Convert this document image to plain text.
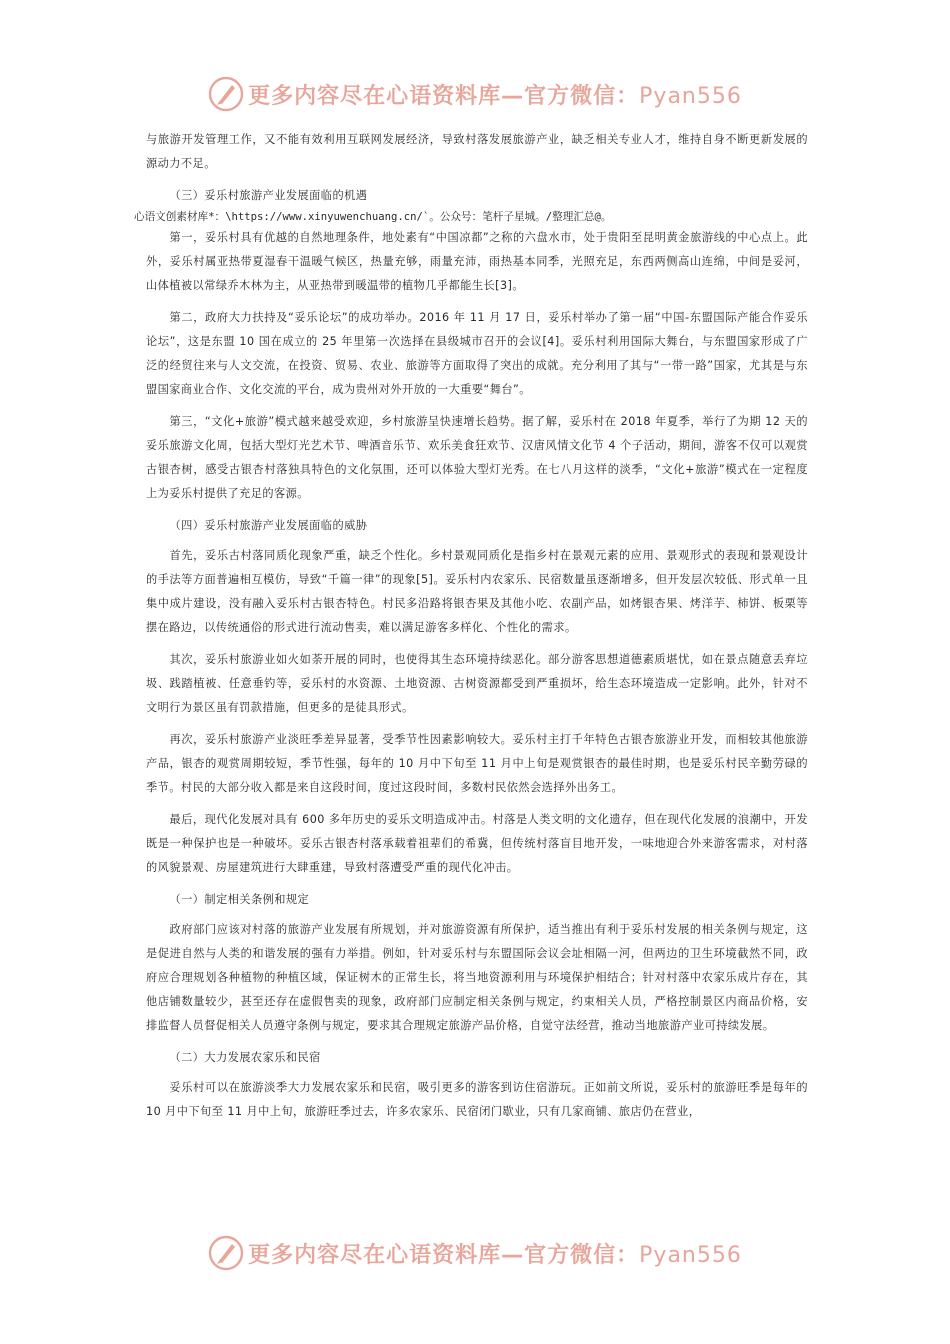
更多内容尽在心语资料库—官方微信：Pyan556

与旅游开发管理工作，又不能有效利用互联网发展经济，导致村落发展旅游产业，缺乏相关专业人才，维持自身不断更新发展的源动力不足。

（三）妥乐村旅游产业发展面临的机遇

心语文创素材库*：\https://www.xinyuwenchuang.cn/`。公众号：笔杆子星城。/整理汇总@。

第一，妥乐村具有优越的自然地理条件，地处素有“中国凉都”之称的六盘水市，处于贵阳至昆明黄金旅游线的中心点上。此外，妥乐村属亚热带夏湿春干温暖气候区，热量充够，雨量充沛，雨热基本同季，光照充足，东西两侧高山连绵，中间是妥河，山体植被以常绿乔木林为主，从亚热带到暖温带的植物几乎都能生长[3]。

第二，政府大力扶持及“妥乐论坛”的成功举办。2016 年 11 月 17 日，妥乐村举办了第一届“中国-东盟国际产能合作妥乐论坛”，这是东盟 10 国在成立的 25 年里第一次选择在县级城市召开的会议[4]。妥乐村利用国际大舞台，与东盟国家形成了广泛的经贸往来与人文交流，在投资、贸易、农业、旅游等方面取得了突出的成就。充分利用了其与“一带一路”国家，尤其是与东盟国家商业合作、文化交流的平台，成为贵州对外开放的一大重要“舞台”。

第三，“文化+旅游”模式越来越受欢迎，乡村旅游呈快速增长趋势。据了解，妥乐村在 2018 年夏季，举行了为期 12 天的妥乐旅游文化周，包括大型灯光艺术节、啤酒音乐节、欢乐美食狂欢节、汉唐风情文化节 4 个子活动，期间，游客不仅可以观赏古银杏树，感受古银杏村落独具特色的文化氛围，还可以体验大型灯光秀。在七八月这样的淡季，“文化+旅游”模式在一定程度上为妥乐村提供了充足的客源。

（四）妥乐村旅游产业发展面临的威胁

首先，妥乐古村落同质化现象严重，缺乏个性化。乡村景观同质化是指乡村在景观元素的应用、景观形式的表现和景观设计的手法等方面普遍相互模仿，导致“千篇一律”的现象[5]。妥乐村内农家乐、民宿数量虽逐渐增多，但开发层次较低、形式单一且集中成片建设，没有融入妥乐村古银杏特色。村民多沿路将银杏果及其他小吃、农副产品，如烤银杏果、烤洋芋、柿饼、板栗等摆在路边，以传统通俗的形式进行流动售卖，难以满足游客多样化、个性化的需求。

其次，妥乐村旅游业如火如荼开展的同时，也使得其生态环境持续恶化。部分游客思想道德素质堪忧，如在景点随意丢弃垃圾、践踏植被、任意垂钓等，妥乐村的水资源、土地资源、古树资源都受到严重损坏，给生态环境造成一定影响。此外，针对不文明行为景区虽有罚款措施，但更多的是徒具形式。

再次，妥乐村旅游产业淡旺季差异显著，受季节性因素影响较大。妥乐村主打千年特色古银杏旅游业开发，而相较其他旅游产品，银杏的观赏周期较短，季节性强，每年的 10 月中下旬至 11 月中上旬是观赏银杏的最佳时期，也是妥乐村民辛勤劳碌的季节。村民的大部分收入都是来自这段时间，度过这段时间，多数村民依然会选择外出务工。

最后，现代化发展对具有 600 多年历史的妥乐文明造成冲击。村落是人类文明的文化遗存，但在现代化发展的浪潮中，开发既是一种保护也是一种破坏。妥乐古银杏村落承载着祖辈们的希冀，但传统村落盲目地开发，一味地迎合外来游客需求，对村落的风貌景观、房屋建筑进行大肆重建，导致村落遭受严重的现代化冲击。

（一）制定相关条例和规定

政府部门应该对村落的旅游产业发展有所规划，并对旅游资源有所保护，适当推出有利于妥乐村发展的相关条例与规定，这是促进自然与人类的和谐发展的强有力举措。例如，针对妥乐村与东盟国际会议会址相隔一河，但两边的卫生环境截然不同，政府应合理规划各种植物的种植区域，保证树木的正常生长，将当地资源利用与环境保护相结合；针对村落中农家乐成片存在，其他店铺数量较少，甚至还存在虚假售卖的现象，政府部门应制定相关条例与规定，约束相关人员，严格控制景区内商品价格，安排监督人员督促相关人员遵守条例与规定，要求其合理规定旅游产品价格，自觉守法经营，推动当地旅游产业可持续发展。

（二）大力发展农家乐和民宿

妥乐村可以在旅游淡季大力发展农家乐和民宿，吸引更多的游客到访住宿游玩。正如前文所说，妥乐村的旅游旺季是每年的 10 月中下旬至 11 月中上旬，旅游旺季过去，许多农家乐、民宿闭门歇业，只有几家商铺、旅店仍在营业，

更多内容尽在心语资料库—官方微信：Pyan556
